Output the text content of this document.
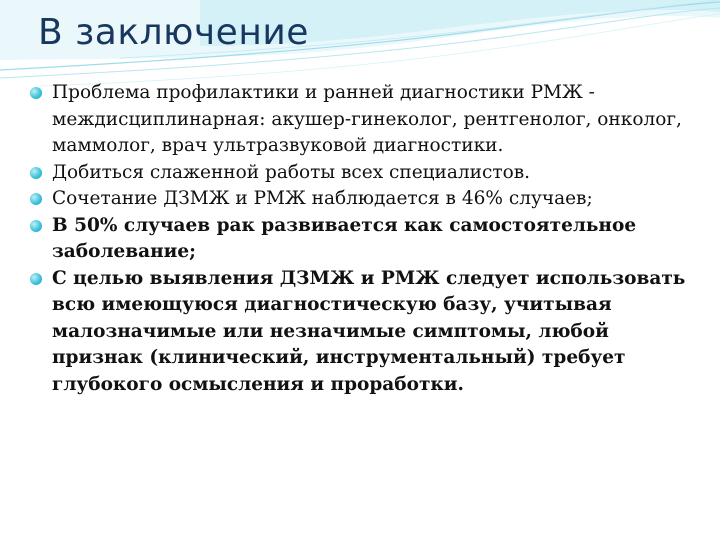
В заключение
Проблема профилактики и ранней диагностики РМЖ - междисциплинарная: акушер-гинеколог, рентгенолог, онколог, маммолог, врач ультразвуковой диагностики.
Добиться слаженной работы всех специалистов.
Сочетание ДЗМЖ и РМЖ наблюдается в 46% случаев;
В 50% случаев рак развивается как самостоятельное заболевание;
С целью выявления ДЗМЖ и РМЖ следует использовать всю имеющуюся диагностическую базу, учитывая малозначимые или незначимые симптомы, любой признак (клинический, инструментальный) требует глубокого осмысления и проработки.
